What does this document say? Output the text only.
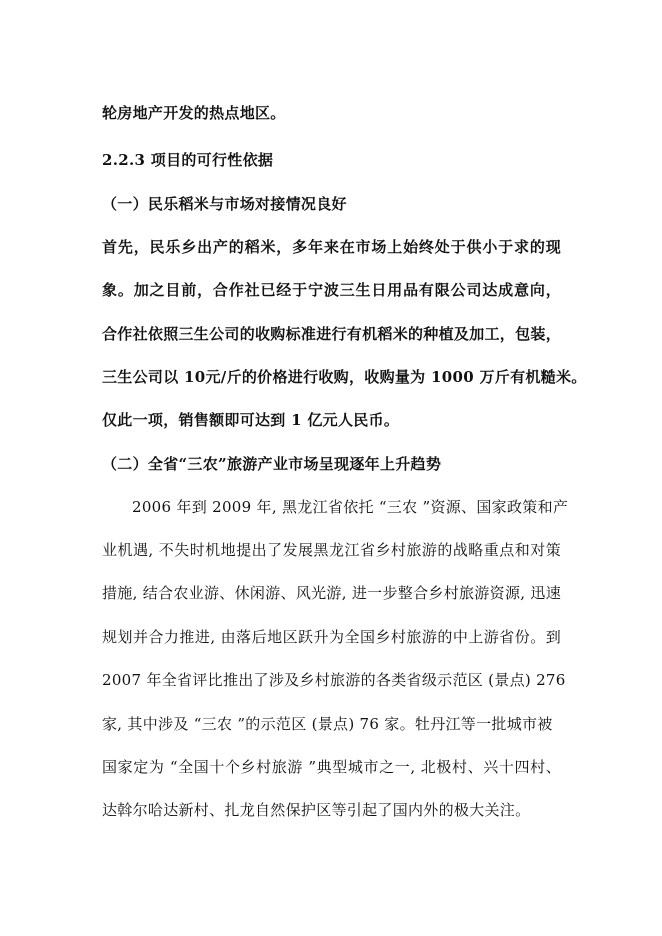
轮房地产开发的热点地区。
2.2.3 项目的可行性依据
（一）民乐稻米与市场对接情况良好
首先，民乐乡出产的稻米，多年来在市场上始终处于供小于求的现
象。加之目前，合作社已经于宁波三生日用品有限公司达成意向，
合作社依照三生公司的收购标准进行有机稻米的种植及加工，包装，
三生公司以 10元/斤的价格进行收购，收购量为 1000 万斤有机糙米。
仅此一项，销售额即可达到 1 亿元人民币。
（二）全省“三农”旅游产业市场呈现逐年上升趋势
2006 年到 2009 年, 黑龙江省依托 “三农 ”资源、国家政策和产
业机遇, 不失时机地提出了发展黑龙江省乡村旅游的战略重点和对策
措施, 结合农业游、休闲游、风光游, 进一步整合乡村旅游资源, 迅速
规划并合力推进, 由落后地区跃升为全国乡村旅游的中上游省份。到
2007 年全省评比推出了涉及乡村旅游的各类省级示范区 (景点) 276
家, 其中涉及 “三农 ”的示范区 (景点) 76 家。牡丹江等一批城市被
国家定为 “全国十个乡村旅游 ”典型城市之一, 北极村、兴十四村、
达斡尔哈达新村、扎龙自然保护区等引起了国内外的极大关注。
